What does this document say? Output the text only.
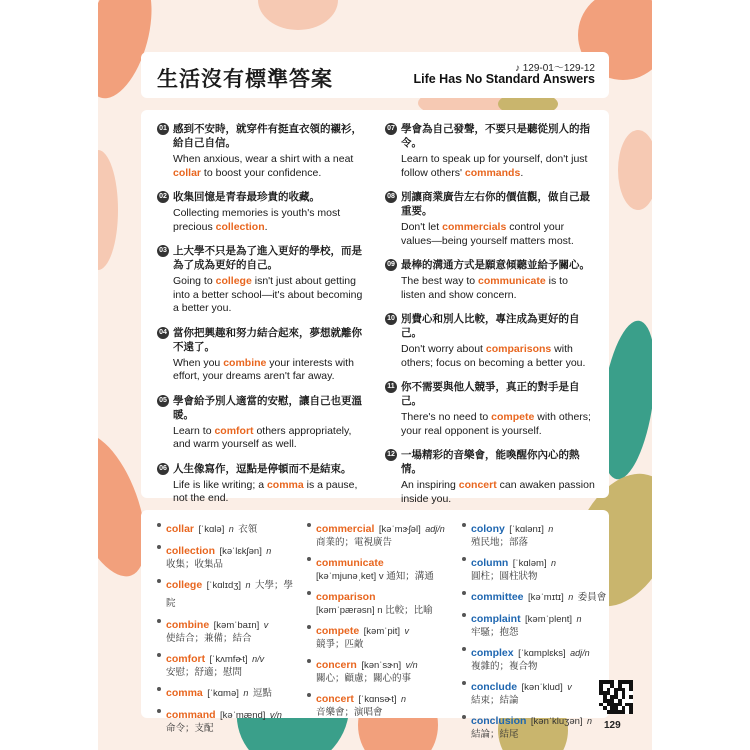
生活沒有標準答案	♪ 129-01～129-12
Life Has No Standard Answers
01 感到不安時，就穿件有挺直衣領的襯衫，給自己自信。
When anxious, wear a shirt with a neat collar to boost your confidence.
02 收集回憶是青春最珍貴的收藏。
Collecting memories is youth's most precious collection.
03 上大學不只是為了進入更好的學校，而是為了成為更好的自己。
Going to college isn't just about getting into a better school—it's about becoming a better you.
04 當你把興趣和努力結合起來，夢想就離你不遠了。
When you combine your interests with effort, your dreams aren't far away.
05 學會給予別人適當的安慰，讓自己也更溫暖。
Learn to comfort others appropriately, and warm yourself as well.
06 人生像寫作，逗點是停頓而不是結束。
Life is like writing; a comma is a pause, not the end.
07 學會為自己發聲，不要只是聽從別人的指令。
Learn to speak up for yourself, don't just follow others' commands.
08 別讓商業廣告左右你的價值觀，做自己最重要。
Don't let commercials control your values—being yourself matters most.
09 最棒的溝通方式是願意傾聽並給予關心。
The best way to communicate is to listen and show concern.
10 別費心和別人比較，專注成為更好的自己。
Don't worry about comparisons with others; focus on becoming a better you.
11 你不需要與他人競爭，真正的對手是自己。
There's no need to compete with others; your real opponent is yourself.
12 一場精彩的音樂會，能喚醒你內心的熱情。
An inspiring concert can awaken passion inside you.
collar [ˈkɑlə] n 衣領
collection [kəˈlɛkʃən] n
收集；收集品
college [ˈkɑlɪdʒ] n 大學；學院
combine [kəmˈbaɪn] v
使結合；兼備；結合
comfort [ˈkʌmfɚt] n/v
安慰；舒適；慰問
comma [ˈkɑmə] n 逗點
command [kəˈmænd] v/n
命令；支配
commercial [kəˈmɝʃəl] adj/n
商業的；電視廣告
communicate
[kəˈmjunəˌket] v 通知；溝通
comparison
[kəmˈpærəsn] n 比較；比喻
compete [kəmˈpit] v
競爭；匹敵
concern [kənˈsɝn] v/n
關心；顧慮；關心的事
concert [ˈkɑnsɚt] n
音樂會；演唱會
colony [ˈkɑlənɪ] n
殖民地；部落
column [ˈkɑləm] n
圓柱；圓柱狀物
committee [kəˈmɪtɪ] n 委員會
complaint [kəmˈplent] n
牢騷；抱怨
complex [ˈkɑmplɛks] adj/n
複雜的；複合物
conclude [kənˈklud] v
結束；結論
conclusion [kənˈkluʒən] n
結論；結尾
129
